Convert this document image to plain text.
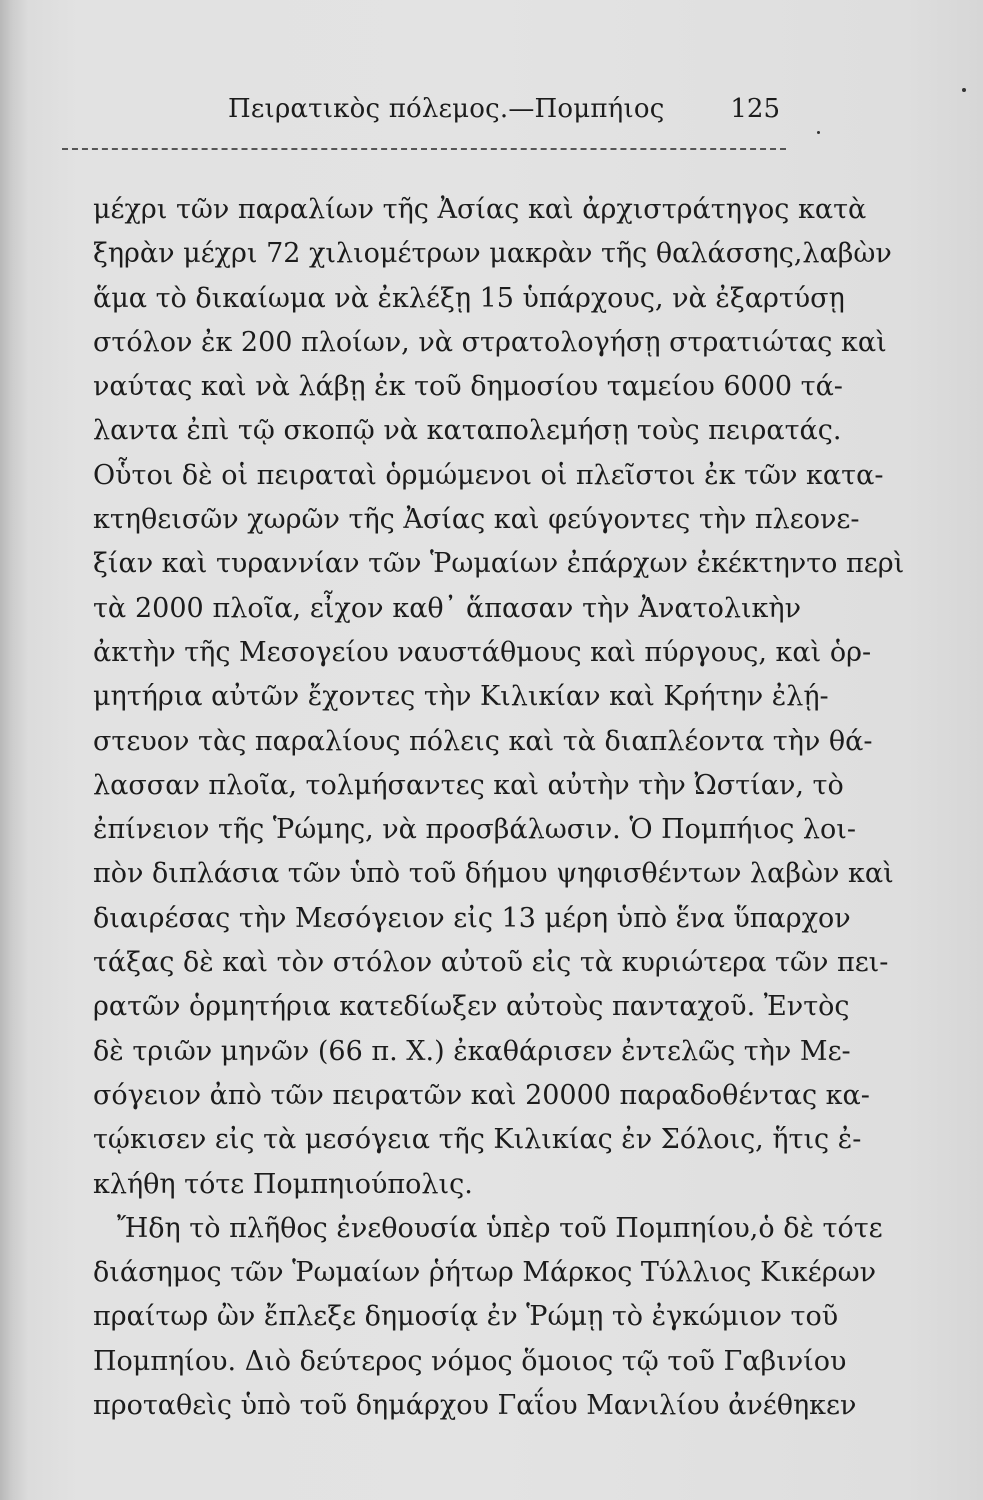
Πειρατικὸς πόλεμος.—Πομπήιος	125
μέχρι τῶν παραλίων τῆς Ἀσίας καὶ ἀρχιστράτηγος κατὰ
ξηρὰν μέχρι 72 χιλιομέτρων μακρὰν τῆς θαλάσσης,λαβὼν
ἅμα τὸ δικαίωμα νὰ ἐκλέξῃ 15 ὑπάρχους, νὰ ἐξαρτύσῃ
στόλον ἐκ 200 πλοίων, νὰ στρατολογήσῃ στρατιώτας καὶ
ναύτας καὶ νὰ λάβῃ ἐκ τοῦ δημοσίου ταμείου 6000 τά-
λαντα ἐπὶ τῷ σκοπῷ νὰ καταπολεμήσῃ τοὺς πειρατάς.
Οὗτοι δὲ οἱ πειραταὶ ὁρμώμενοι οἱ πλεῖστοι ἐκ τῶν κατα-
κτηθεισῶν χωρῶν τῆς Ἀσίας καὶ φεύγοντες τὴν πλεονε-
ξίαν καὶ τυραννίαν τῶν Ῥωμαίων ἐπάρχων ἐκέκτηντο περὶ
τὰ 2000 πλοῖα, εἶχον καθ᾽ ἅπασαν τὴν Ἀνατολικὴν
ἀκτὴν τῆς Μεσογείου ναυστάθμους καὶ πύργους, καὶ ὁρ-
μητήρια αὐτῶν ἔχοντες τὴν Κιλικίαν καὶ Κρήτην ἐλῄ-
στευον τὰς παραλίους πόλεις καὶ τὰ διαπλέοντα τὴν θά-
λασσαν πλοῖα, τολμήσαντες καὶ αὐτὴν τὴν Ὠστίαν, τὸ
ἐπίνειον τῆς Ῥώμης, νὰ προσβάλωσιν. Ὁ Πομπήιος λοι-
πὸν διπλάσια τῶν ὑπὸ τοῦ δήμου ψηφισθέντων λαβὼν καὶ
διαιρέσας τὴν Μεσόγειον εἰς 13 μέρη ὑπὸ ἕνα ὕπαρχον
τάξας δὲ καὶ τὸν στόλον αὐτοῦ εἰς τὰ κυριώτερα τῶν πει-
ρατῶν ὁρμητήρια κατεδίωξεν αὐτοὺς πανταχοῦ. Ἐντὸς
δὲ τριῶν μηνῶν (66 π. Χ.) ἐκαθάρισεν ἐντελῶς τὴν Με-
σόγειον ἀπὸ τῶν πειρατῶν καὶ 20000 παραδοθέντας κα-
τῴκισεν εἰς τὰ μεσόγεια τῆς Κιλικίας ἐν Σόλοις, ἥτις ἐ-
κλήθη τότε Πομπηιούπολις.
Ἤδη τὸ πλῆθος ἐνεθουσία ὑπὲρ τοῦ Πομπηίου,ὁ δὲ τότε
διάσημος τῶν Ῥωμαίων ῥήτωρ Μάρκος Τύλλιος Κικέρων
πραίτωρ ὢν ἔπλεξε δημοσίᾳ ἐν Ῥώμῃ τὸ ἐγκώμιον τοῦ
Πομπηίου. Διὸ δεύτερος νόμος ὅμοιος τῷ τοῦ Γαβινίου
προταθεὶς ὑπὸ τοῦ δημάρχου Γαΐου Μανιλίου ἀνέθηκεν
